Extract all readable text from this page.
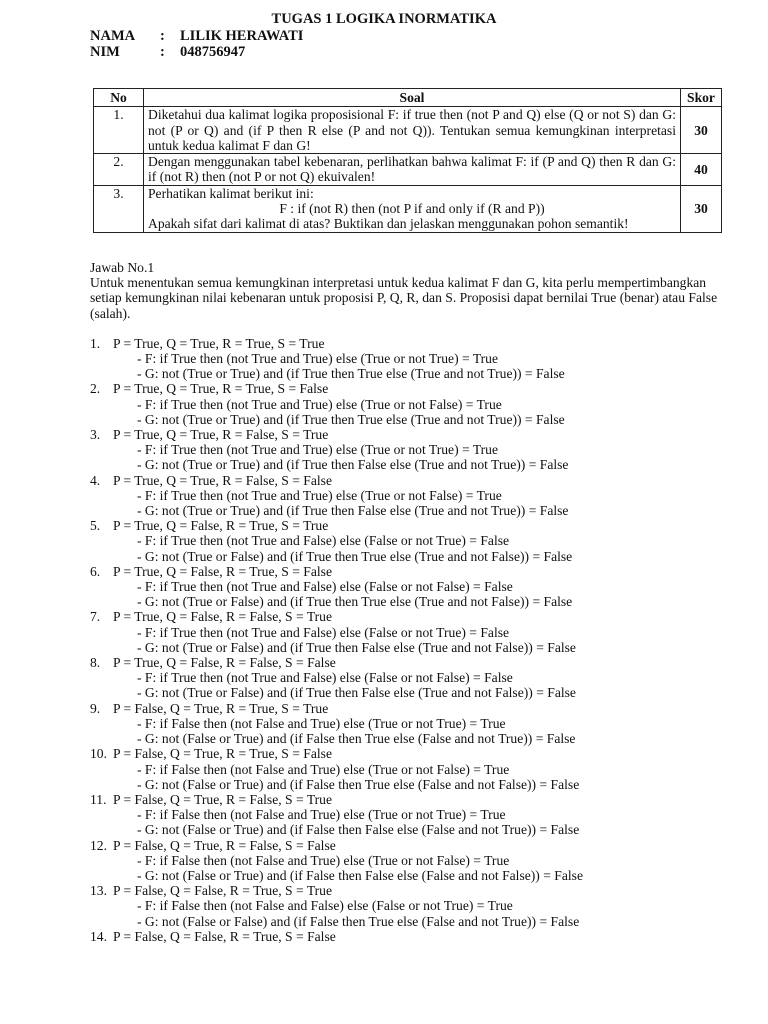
TUGAS 1 LOGIKA INORMATIKA
NAMA : LILIK HERAWATI
NIM	: 048756947
No	Soal	Skor
1.	Diketahui dua kalimat logika proposisional F: if true then (not P and Q) else (Q or not S) dan G: not (P or Q) and (if P then R else (P and not Q)). Tentukan semua kemungkinan interpretasi untuk kedua kalimat F dan G!	30
2.	Dengan menggunakan tabel kebenaran, perlihatkan bahwa kalimat F: if (P and Q) then R dan G: if (not R) then (not P or not Q) ekuivalen!	40
3.	Perhatikan kalimat berikut ini:
F : if (not R) then (not P if and only if (R and P))
Apakah sifat dari kalimat di atas? Buktikan dan jelaskan menggunakan pohon semantik!	30

Jawab No.1

Untuk menentukan semua kemungkinan interpretasi untuk kedua kalimat F dan G, kita perlu mempertimbangkan setiap kemungkinan nilai kebenaran untuk proposisi P, Q, R, dan S. Proposisi dapat bernilai True (benar) atau False (salah).

1. P = True, Q = True, R = True, S = True
- F: if True then (not True and True) else (True or not True) = True
- G: not (True or True) and (if True then True else (True and not True)) = False
2. P = True, Q = True, R = True, S = False
- F: if True then (not True and True) else (True or not False) = True
- G: not (True or True) and (if True then True else (True and not True)) = False
3. P = True, Q = True, R = False, S = True
- F: if True then (not True and True) else (True or not True) = True
- G: not (True or True) and (if True then False else (True and not True)) = False
4. P = True, Q = True, R = False, S = False
- F: if True then (not True and True) else (True or not False) = True
- G: not (True or True) and (if True then False else (True and not True)) = False
5. P = True, Q = False, R = True, S = True
- F: if True then (not True and False) else (False or not True) = False
- G: not (True or False) and (if True then True else (True and not False)) = False
6. P = True, Q = False, R = True, S = False
- F: if True then (not True and False) else (False or not False) = False
- G: not (True or False) and (if True then True else (True and not False)) = False
7. P = True, Q = False, R = False, S = True
- F: if True then (not True and False) else (False or not True) = False
- G: not (True or False) and (if True then False else (True and not False)) = False
8. P = True, Q = False, R = False, S = False
- F: if True then (not True and False) else (False or not False) = False
- G: not (True or False) and (if True then False else (True and not False)) = False
9. P = False, Q = True, R = True, S = True
- F: if False then (not False and True) else (True or not True) = True
- G: not (False or True) and (if False then True else (False and not True)) = False
10. P = False, Q = True, R = True, S = False
- F: if False then (not False and True) else (True or not False) = True
- G: not (False or True) and (if False then True else (False and not False)) = False
11. P = False, Q = True, R = False, S = True
- F: if False then (not False and True) else (True or not True) = True
- G: not (False or True) and (if False then False else (False and not True)) = False
12. P = False, Q = True, R = False, S = False
- F: if False then (not False and True) else (True or not False) = True
- G: not (False or True) and (if False then False else (False and not False)) = False
13. P = False, Q = False, R = True, S = True
- F: if False then (not False and False) else (False or not True) = True
- G: not (False or False) and (if False then True else (False and not True)) = False
14. P = False, Q = False, R = True, S = False
